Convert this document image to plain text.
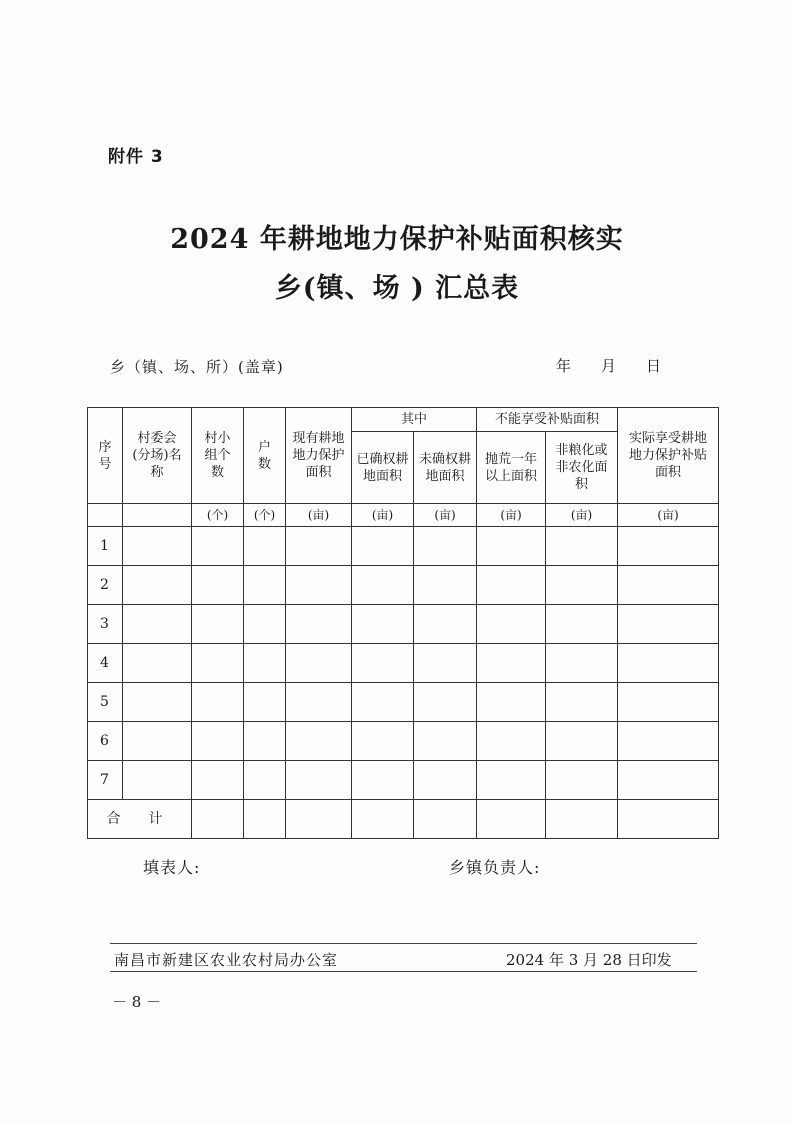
附件 3
2024 年耕地地力保护补贴面积核实
乡(镇、场 ) 汇总表
乡（镇、场、所）(盖章)	年 月 日
序号	村委会(分场)名称	村小组个数	户数	现有耕地地力保护面积	其中		不能享受补贴面积		实际享受耕地地力保护补贴面积
					已确权耕地面积	未确权耕地面积	抛荒一年以上面积	非粮化或非农化面积	
		(个)	(个)	(亩)	(亩)	(亩)	(亩)	(亩)	(亩)
1									
2									
3									
4									
5									
6									
7									
合计									
填表人:	乡镇负责人:
南昌市新建区农业农村局办公室	2024 年 3 月 28 日印发
－ 8 －
